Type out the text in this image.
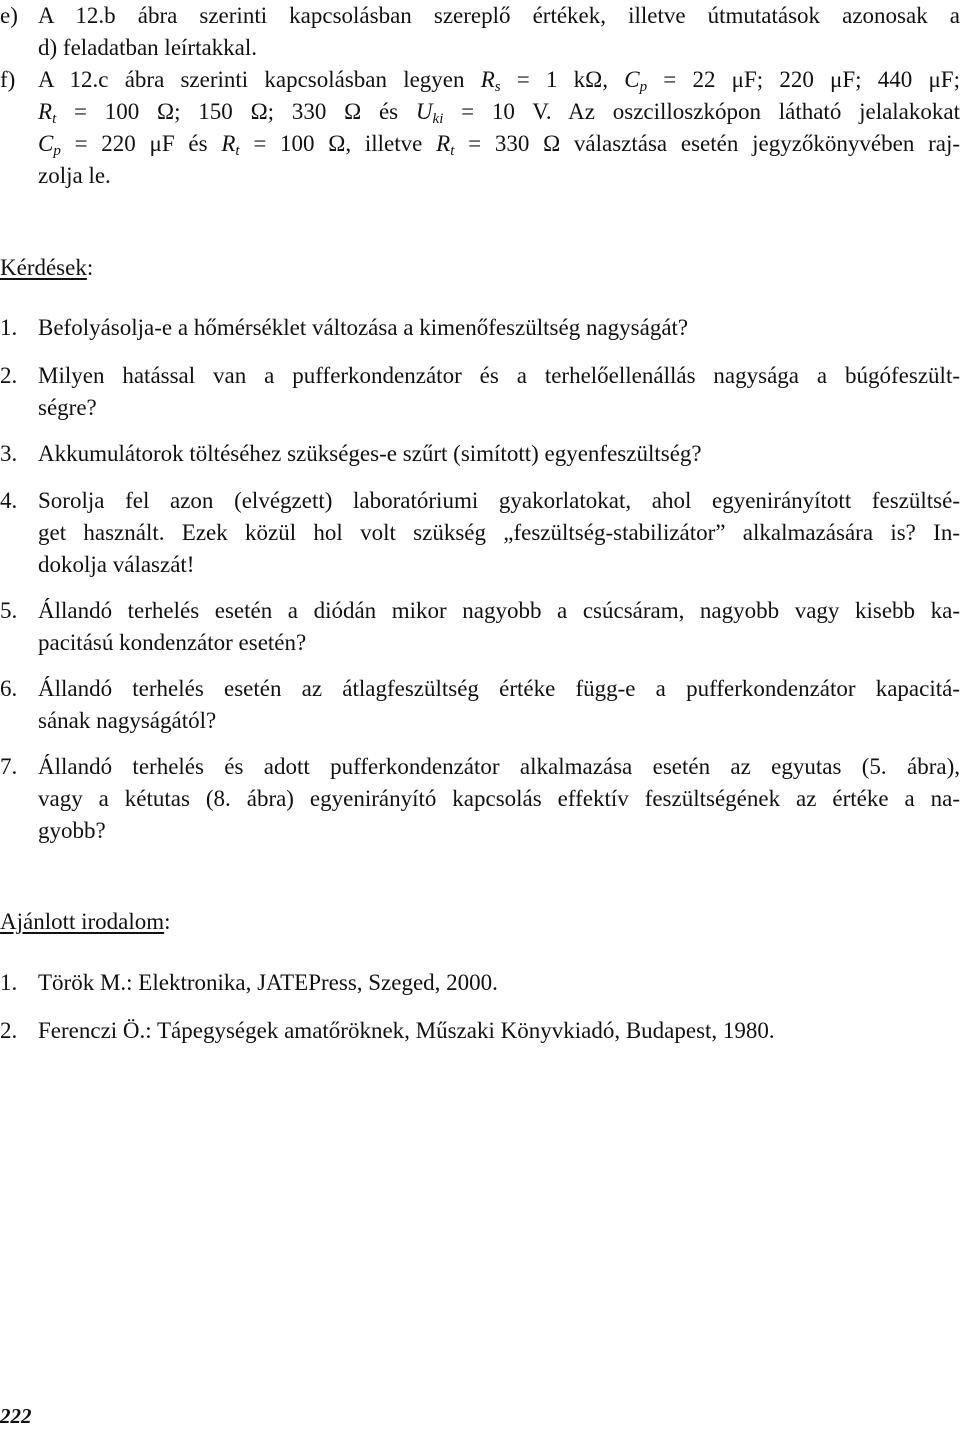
e) A 12.b ábra szerinti kapcsolásban szereplő értékek, illetve útmutatások azonosak a
d) feladatban leírtakkal.
f) A 12.c ábra szerinti kapcsolásban legyen $R_s = 1$ kΩ, $C_p = 22$ μF; 220 μF; 440 μF;
$R_t = 100$ Ω; 150 Ω; 330 Ω és $U_{ki} = 10$ V. Az oszcilloszkópon látható jelalakokat
$C_p = 220$ μF és $R_t = 100$ Ω, illetve $R_t = 330$ Ω választása esetén jegyzőkönyvében raj-
zolja le.
Kérdések:
1. Befolyásolja-e a hőmérséklet változása a kimenőfeszültség nagyságát?
2. Milyen hatással van a pufferkondenzátor és a terhelőellenállás nagysága a búgófeszült-
ségre?
3. Akkumulátorok töltéséhez szükséges-e szűrt (simított) egyenfeszültség?
4. Sorolja fel azon (elvégzett) laboratóriumi gyakorlatokat, ahol egyenirányított feszültsé-
get használt. Ezek közül hol volt szükség „feszültség-stabilizátor” alkalmazására is? In-
dokolja válaszát!
5. Állandó terhelés esetén a diódán mikor nagyobb a csúcsáram, nagyobb vagy kisebb ka-
pacitású kondenzátor esetén?
6. Állandó terhelés esetén az átlagfeszültség értéke függ-e a pufferkondenzátor kapacitá-
sának nagyságától?
7. Állandó terhelés és adott pufferkondenzátor alkalmazása esetén az egyutas (5. ábra),
vagy a kétutas (8. ábra) egyenirányító kapcsolás effektív feszültségének az értéke a na-
gyobb?
Ajánlott irodalom:
1. Török M.: Elektronika, JATEPress, Szeged, 2000.
2. Ferenczi Ö.: Tápegységek amatőröknek, Műszaki Könyvkiadó, Budapest, 1980.
222
